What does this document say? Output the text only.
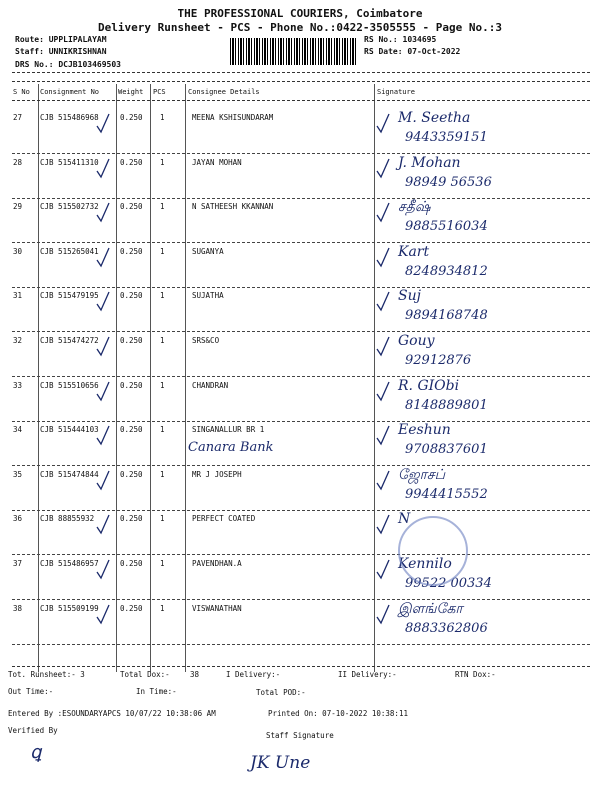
THE PROFESSIONAL COURIERS, Coimbatore
Delivery Runsheet - PCS - Phone No.:0422-3505555 - Page No.:3
Route: UPPLIPALAYAM
Staff: UNNIKRISHNAN
DRS No.: DCJB103469503
RS No.: 1034695
RS Date: 07-Oct-2022
S No Consignment No	Weight PCS	Consignee Details	Signature
27 CJB 515486968	0.250 1	MEENA KSHISUNDARAM	M. Seetha
9443359151
28 CJB 515411310	0.250 1	JAYAN MOHAN	J. Mohan
98949 56536
29 CJB 515502732	0.250 1	N SATHEESH KKANNAN	சதீஷ்
9885516034
30 CJB 515265041	0.250 1	SUGANYA	Kart
8248934812
31 CJB 515479195	0.250 1	SUJATHA	Suj
9894168748
32 CJB 515474272	0.250 1	SRS&CO	Gouy
92912876
33 CJB 515510656	0.250 1	CHANDRAN	R. GIObi
8148889801
34 CJB 515444103	0.250 1	SINGANALLUR BR 1
Canara Bank
Eeshun
9708837601
35 CJB 515474844	0.250 1	MR J JOSEPH	ஜோசப்
9944415552
36 CJB 88855932	0.250 1	PERFECT COATED	N
37 CJB 515486957	0.250 1	PAVENDHAN.A	Kennilo
99522 00334
38 CJB 515509199	0.250 1	VISWANATHAN	இளங்கோ
8883362806
Tot. Runsheet:- 3	Total Dox:-	38	I Delivery:-	II Delivery:-	RTN Dox:-
Out Time:-	In Time:-	Total POD:-
Entered By :ESOUNDARYAPCS 10/07/22 10:38:06 AM	Printed On: 07-10-2022 10:38:11
Verified By
Staff Signature
ꝗ	JK Une
